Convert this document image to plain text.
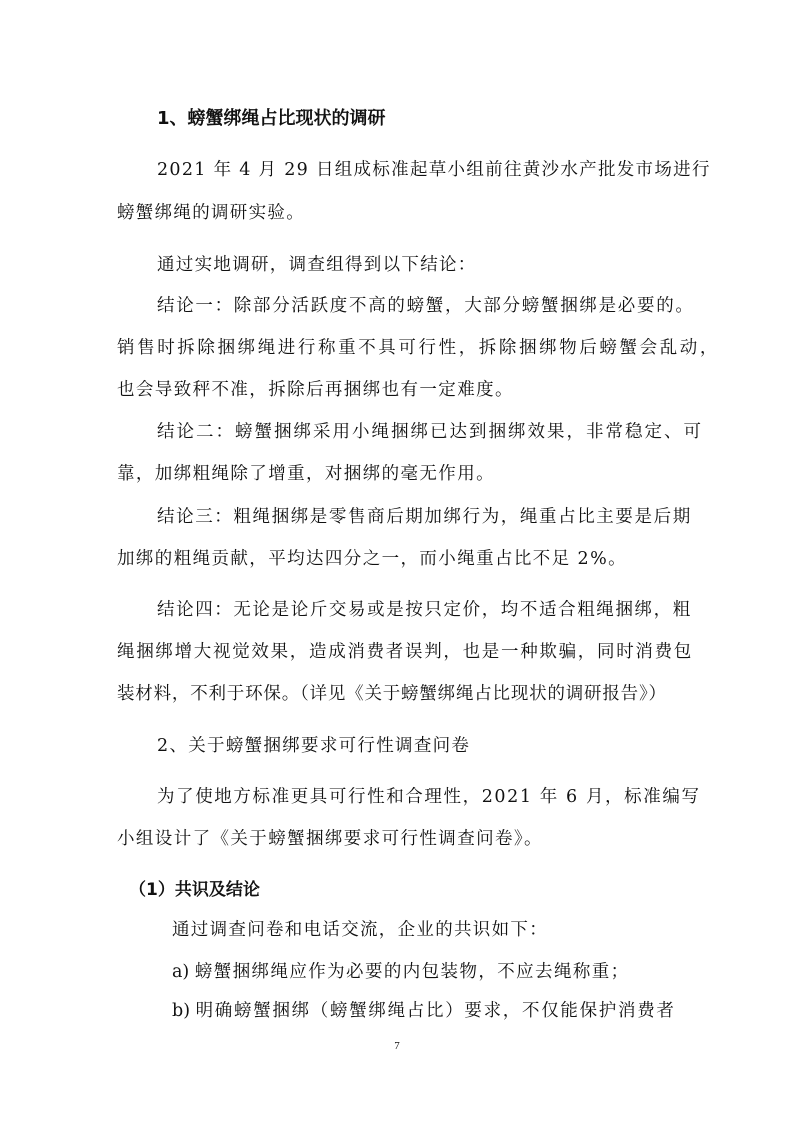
1、螃蟹绑绳占比现状的调研
2021 年 4 月 29 日组成标准起草小组前往黄沙水产批发市场进行
螃蟹绑绳的调研实验。
通过实地调研，调查组得到以下结论：
结论一：除部分活跃度不高的螃蟹，大部分螃蟹捆绑是必要的。
销售时拆除捆绑绳进行称重不具可行性，拆除捆绑物后螃蟹会乱动，
也会导致秤不准，拆除后再捆绑也有一定难度。
结论二：螃蟹捆绑采用小绳捆绑已达到捆绑效果，非常稳定、可
靠，加绑粗绳除了增重，对捆绑的毫无作用。
结论三：粗绳捆绑是零售商后期加绑行为，绳重占比主要是后期
加绑的粗绳贡献，平均达四分之一，而小绳重占比不足 2%。
结论四：无论是论斤交易或是按只定价，均不适合粗绳捆绑，粗
绳捆绑增大视觉效果，造成消费者误判，也是一种欺骗，同时消费包
装材料，不利于环保。（详见《关于螃蟹绑绳占比现状的调研报告》）
2、关于螃蟹捆绑要求可行性调查问卷
为了使地方标准更具可行性和合理性，2021 年 6 月，标准编写
小组设计了《关于螃蟹捆绑要求可行性调查问卷》。
（1）共识及结论
通过调查问卷和电话交流，企业的共识如下：
a) 螃蟹捆绑绳应作为必要的内包装物，不应去绳称重；
b) 明确螃蟹捆绑（螃蟹绑绳占比）要求，不仅能保护消费者
7
